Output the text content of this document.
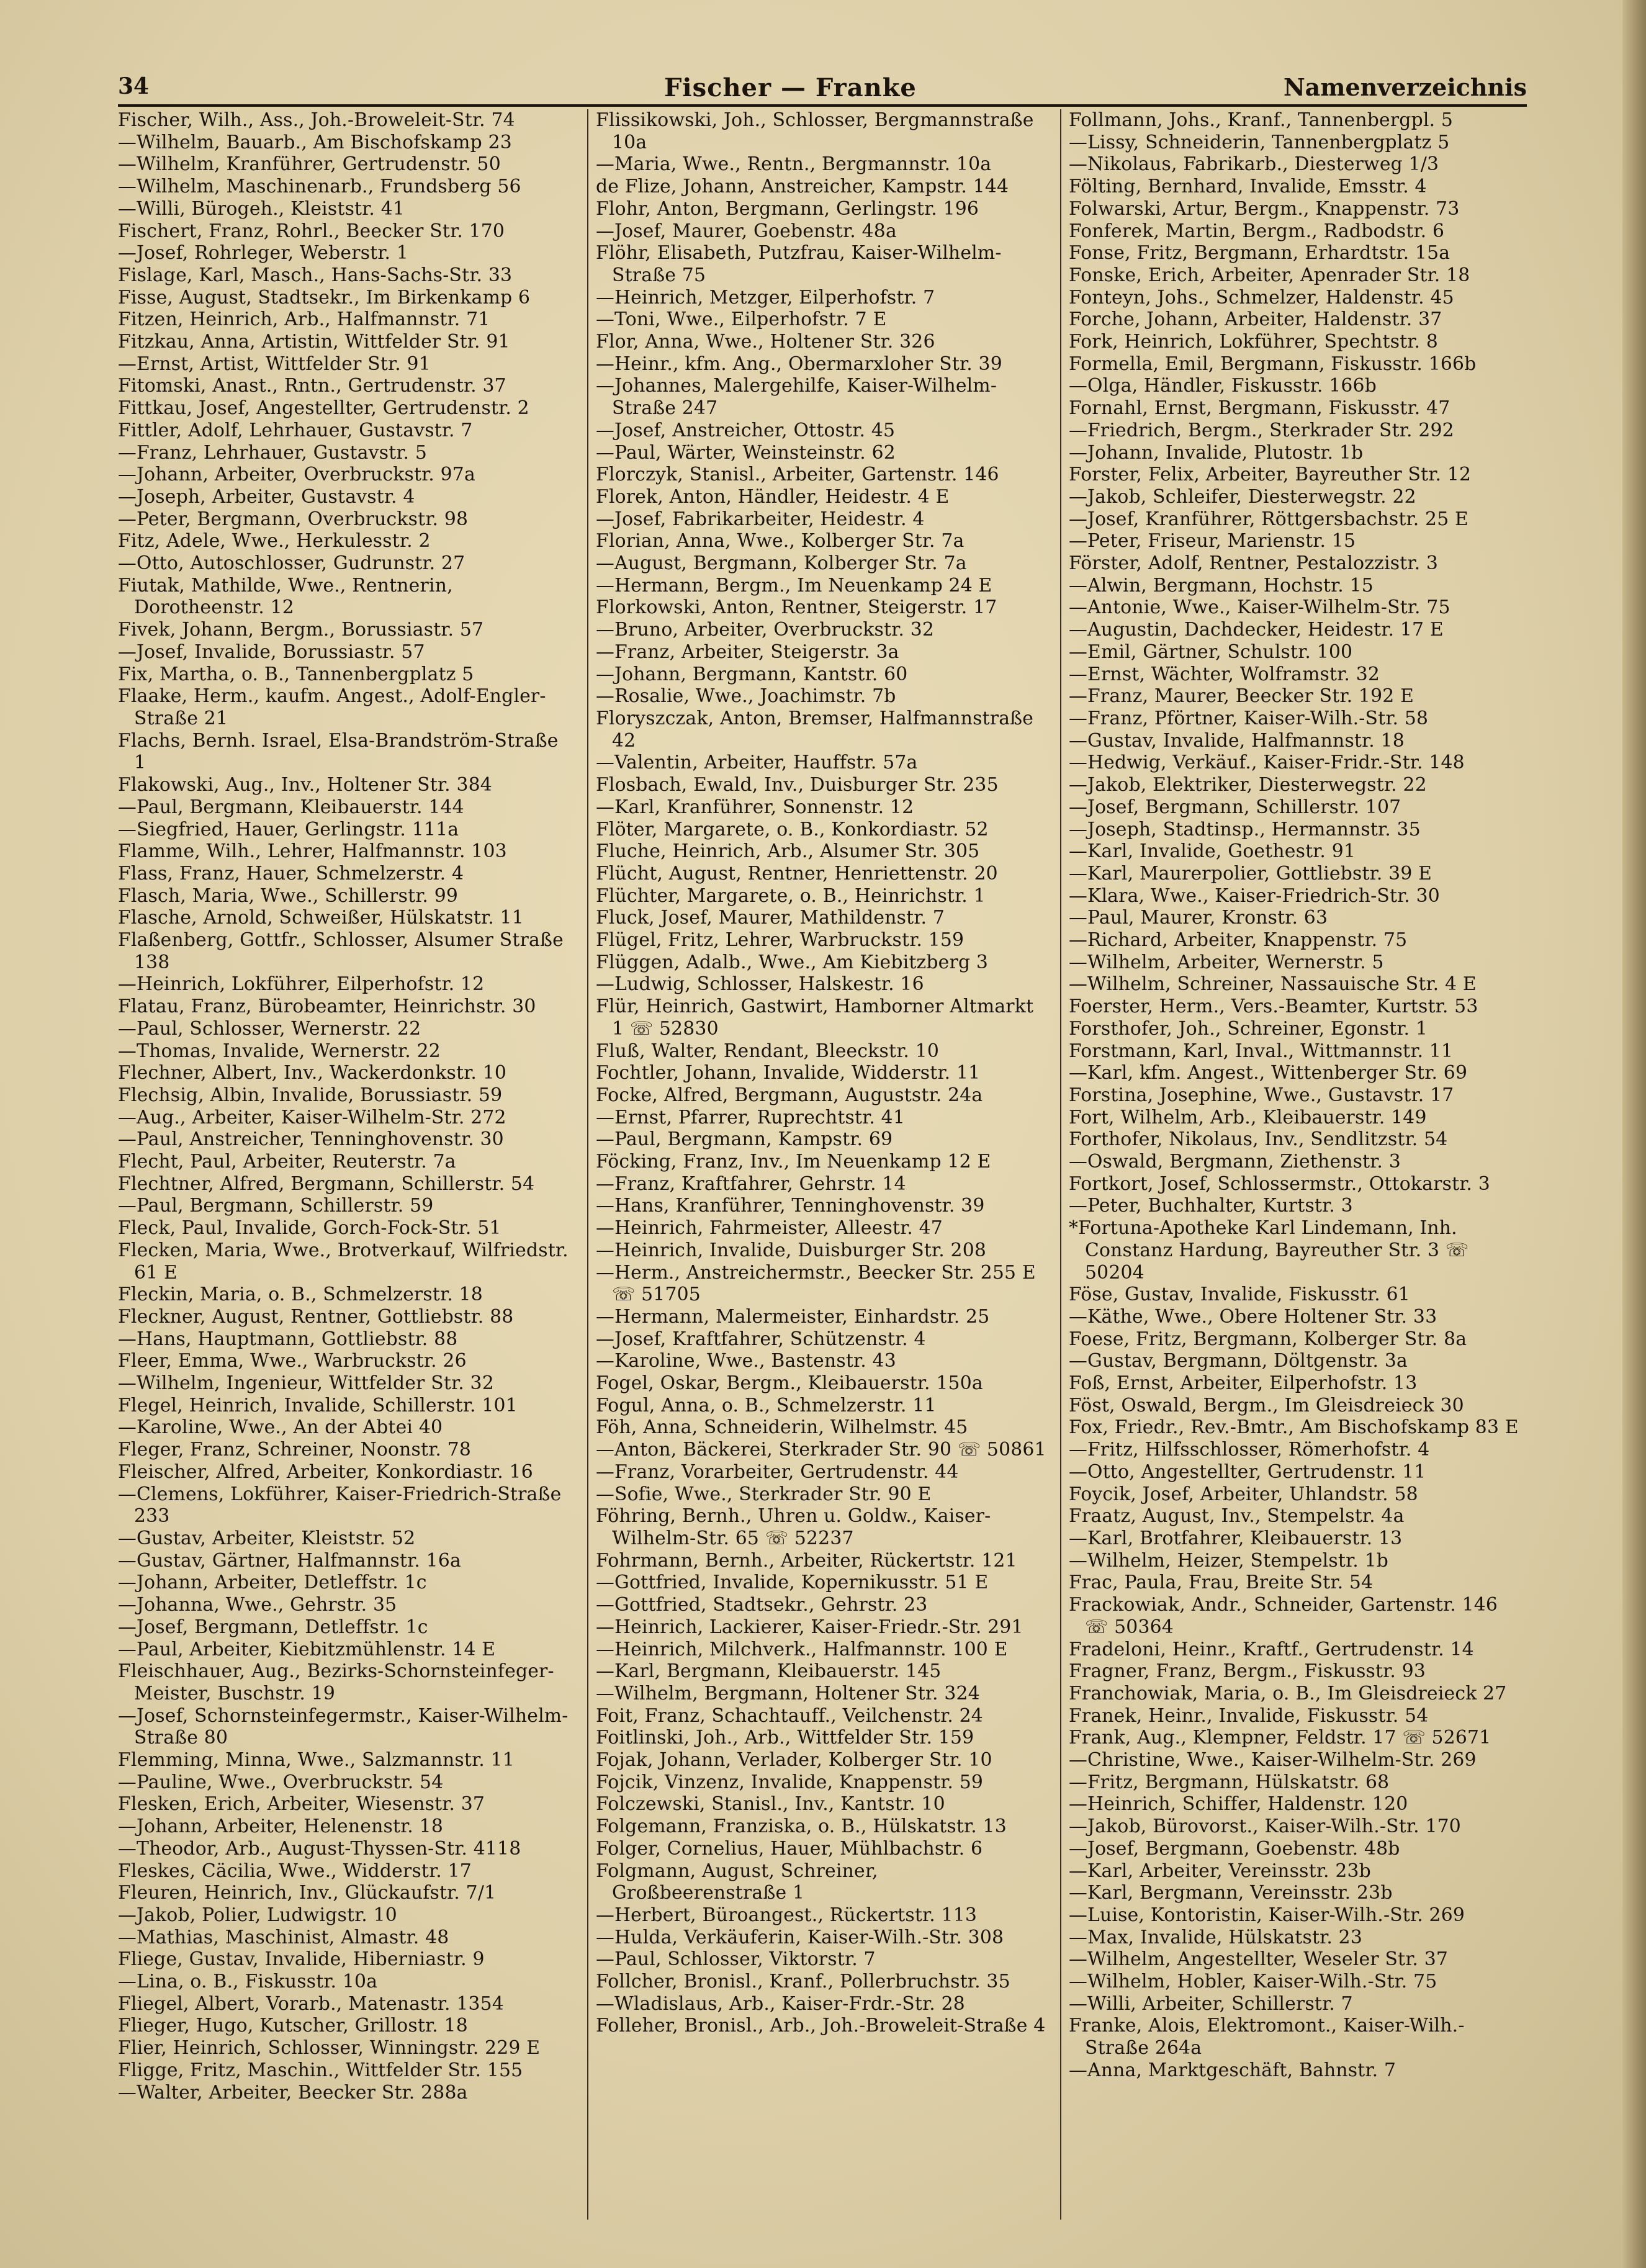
34	Fischer — Franke	Namenverzeichnis
Fischer, Wilh., Ass., Joh.-Broweleit-Str. 74
—Wilhelm, Bauarb., Am Bischofskamp 23
—Wilhelm, Kranführer, Gertrudenstr. 50
—Wilhelm, Maschinenarb., Frundsberg 56
—Willi, Bürogeh., Kleiststr. 41
Fischert, Franz, Rohrl., Beecker Str. 170
—Josef, Rohrleger, Weberstr. 1
Fislage, Karl, Masch., Hans-Sachs-Str. 33
Fisse, August, Stadtsekr., Im Birkenkamp 6
Fitzen, Heinrich, Arb., Halfmannstr. 71
Fitzkau, Anna, Artistin, Wittfelder Str. 91
—Ernst, Artist, Wittfelder Str. 91
Fitomski, Anast., Rntn., Gertrudenstr. 37
Fittkau, Josef, Angestellter, Gertrudenstr. 2
Fittler, Adolf, Lehrhauer, Gustavstr. 7
—Franz, Lehrhauer, Gustavstr. 5
—Johann, Arbeiter, Overbruckstr. 97a
—Joseph, Arbeiter, Gustavstr. 4
—Peter, Bergmann, Overbruckstr. 98
Fitz, Adele, Wwe., Herkulesstr. 2
—Otto, Autoschlosser, Gudrunstr. 27
Fiutak, Mathilde, Wwe., Rentnerin, Dorotheenstr. 12
Fivek, Johann, Bergm., Borussiastr. 57
—Josef, Invalide, Borussiastr. 57
Fix, Martha, o. B., Tannenbergplatz 5
Flaake, Herm., kaufm. Angest., Adolf-Engler-Straße 21
Flachs, Bernh. Israel, Elsa-Brandström-Straße 1
Flakowski, Aug., Inv., Holtener Str. 384
—Paul, Bergmann, Kleibauerstr. 144
—Siegfried, Hauer, Gerlingstr. 111a
Flamme, Wilh., Lehrer, Halfmannstr. 103
Flass, Franz, Hauer, Schmelzerstr. 4
Flasch, Maria, Wwe., Schillerstr. 99
Flasche, Arnold, Schweißer, Hülskatstr. 11
Flaßenberg, Gottfr., Schlosser, Alsumer Straße 138
—Heinrich, Lokführer, Eilperhofstr. 12
Flatau, Franz, Bürobeamter, Heinrichstr. 30
—Paul, Schlosser, Wernerstr. 22
—Thomas, Invalide, Wernerstr. 22
Flechner, Albert, Inv., Wackerdonkstr. 10
Flechsig, Albin, Invalide, Borussiastr. 59
—Aug., Arbeiter, Kaiser-Wilhelm-Str. 272
—Paul, Anstreicher, Tenninghovenstr. 30
Flecht, Paul, Arbeiter, Reuterstr. 7a
Flechtner, Alfred, Bergmann, Schillerstr. 54
—Paul, Bergmann, Schillerstr. 59
Fleck, Paul, Invalide, Gorch-Fock-Str. 51
Flecken, Maria, Wwe., Brotverkauf, Wilfriedstr. 61 E
Fleckin, Maria, o. B., Schmelzerstr. 18
Fleckner, August, Rentner, Gottliebstr. 88
—Hans, Hauptmann, Gottliebstr. 88
Fleer, Emma, Wwe., Warbruckstr. 26
—Wilhelm, Ingenieur, Wittfelder Str. 32
Flegel, Heinrich, Invalide, Schillerstr. 101
—Karoline, Wwe., An der Abtei 40
Fleger, Franz, Schreiner, Noonstr. 78
Fleischer, Alfred, Arbeiter, Konkordiastr. 16
—Clemens, Lokführer, Kaiser-Friedrich-Straße 233
—Gustav, Arbeiter, Kleiststr. 52
—Gustav, Gärtner, Halfmannstr. 16a
—Johann, Arbeiter, Detleffstr. 1c
—Johanna, Wwe., Gehrstr. 35
—Josef, Bergmann, Detleffstr. 1c
—Paul, Arbeiter, Kiebitzmühlenstr. 14 E
Fleischhauer, Aug., Bezirks-Schornsteinfeger-Meister, Buschstr. 19
—Josef, Schornsteinfegermstr., Kaiser-Wilhelm-Straße 80
Flemming, Minna, Wwe., Salzmannstr. 11
—Pauline, Wwe., Overbruckstr. 54
Flesken, Erich, Arbeiter, Wiesenstr. 37
—Johann, Arbeiter, Helenenstr. 18
—Theodor, Arb., August-Thyssen-Str. 4118
Fleskes, Cäcilia, Wwe., Widderstr. 17
Fleuren, Heinrich, Inv., Glückaufstr. 7/1
—Jakob, Polier, Ludwigstr. 10
—Mathias, Maschinist, Almastr. 48
Fliege, Gustav, Invalide, Hiberniastr. 9
—Lina, o. B., Fiskusstr. 10a
Fliegel, Albert, Vorarb., Matenastr. 1354
Flieger, Hugo, Kutscher, Grillostr. 18
Flier, Heinrich, Schlosser, Winningstr. 229 E
Fligge, Fritz, Maschin., Wittfelder Str. 155
—Walter, Arbeiter, Beecker Str. 288a
Flissikowski, Joh., Schlosser, Bergmannstraße 10a
—Maria, Wwe., Rentn., Bergmannstr. 10a
de Flize, Johann, Anstreicher, Kampstr. 144
Flohr, Anton, Bergmann, Gerlingstr. 196
—Josef, Maurer, Goebenstr. 48a
Flöhr, Elisabeth, Putzfrau, Kaiser-Wilhelm-Straße 75
—Heinrich, Metzger, Eilperhofstr. 7
—Toni, Wwe., Eilperhofstr. 7 E
Flor, Anna, Wwe., Holtener Str. 326
—Heinr., kfm. Ang., Obermarxloher Str. 39
—Johannes, Malergehilfe, Kaiser-Wilhelm-Straße 247
—Josef, Anstreicher, Ottostr. 45
—Paul, Wärter, Weinsteinstr. 62
Florczyk, Stanisl., Arbeiter, Gartenstr. 146
Florek, Anton, Händler, Heidestr. 4 E
—Josef, Fabrikarbeiter, Heidestr. 4
Florian, Anna, Wwe., Kolberger Str. 7a
—August, Bergmann, Kolberger Str. 7a
—Hermann, Bergm., Im Neuenkamp 24 E
Florkowski, Anton, Rentner, Steigerstr. 17
—Bruno, Arbeiter, Overbruckstr. 32
—Franz, Arbeiter, Steigerstr. 3a
—Johann, Bergmann, Kantstr. 60
—Rosalie, Wwe., Joachimstr. 7b
Floryszczak, Anton, Bremser, Halfmannstraße 42
—Valentin, Arbeiter, Hauffstr. 57a
Flosbach, Ewald, Inv., Duisburger Str. 235
—Karl, Kranführer, Sonnenstr. 12
Flöter, Margarete, o. B., Konkordiastr. 52
Fluche, Heinrich, Arb., Alsumer Str. 305
Flücht, August, Rentner, Henriettenstr. 20
Flüchter, Margarete, o. B., Heinrichstr. 1
Fluck, Josef, Maurer, Mathildenstr. 7
Flügel, Fritz, Lehrer, Warbruckstr. 159
Flüggen, Adalb., Wwe., Am Kiebitzberg 3
—Ludwig, Schlosser, Halskestr. 16
Flür, Heinrich, Gastwirt, Hamborner Altmarkt 1 ☏ 52830
Fluß, Walter, Rendant, Bleeckstr. 10
Fochtler, Johann, Invalide, Widderstr. 11
Focke, Alfred, Bergmann, Auguststr. 24a
—Ernst, Pfarrer, Ruprechtstr. 41
—Paul, Bergmann, Kampstr. 69
Föcking, Franz, Inv., Im Neuenkamp 12 E
—Franz, Kraftfahrer, Gehrstr. 14
—Hans, Kranführer, Tenninghovenstr. 39
—Heinrich, Fahrmeister, Alleestr. 47
—Heinrich, Invalide, Duisburger Str. 208
—Herm., Anstreichermstr., Beecker Str. 255 E ☏ 51705
—Hermann, Malermeister, Einhardstr. 25
—Josef, Kraftfahrer, Schützenstr. 4
—Karoline, Wwe., Bastenstr. 43
Fogel, Oskar, Bergm., Kleibauerstr. 150a
Fogul, Anna, o. B., Schmelzerstr. 11
Föh, Anna, Schneiderin, Wilhelmstr. 45
—Anton, Bäckerei, Sterkrader Str. 90 ☏ 50861
—Franz, Vorarbeiter, Gertrudenstr. 44
—Sofie, Wwe., Sterkrader Str. 90 E
Föhring, Bernh., Uhren u. Goldw., Kaiser-Wilhelm-Str. 65 ☏ 52237
Fohrmann, Bernh., Arbeiter, Rückertstr. 121
—Gottfried, Invalide, Kopernikusstr. 51 E
—Gottfried, Stadtsekr., Gehrstr. 23
—Heinrich, Lackierer, Kaiser-Friedr.-Str. 291
—Heinrich, Milchverk., Halfmannstr. 100 E
—Karl, Bergmann, Kleibauerstr. 145
—Wilhelm, Bergmann, Holtener Str. 324
Foit, Franz, Schachtauff., Veilchenstr. 24
Foitlinski, Joh., Arb., Wittfelder Str. 159
Fojak, Johann, Verlader, Kolberger Str. 10
Fojcik, Vinzenz, Invalide, Knappenstr. 59
Folczewski, Stanisl., Inv., Kantstr. 10
Folgemann, Franziska, o. B., Hülskatstr. 13
Folger, Cornelius, Hauer, Mühlbachstr. 6
Folgmann, August, Schreiner, Großbeerenstraße 1
—Herbert, Büroangest., Rückertstr. 113
—Hulda, Verkäuferin, Kaiser-Wilh.-Str. 308
—Paul, Schlosser, Viktorstr. 7
Follcher, Bronisl., Kranf., Pollerbruchstr. 35
—Wladislaus, Arb., Kaiser-Frdr.-Str. 28
Folleher, Bronisl., Arb., Joh.-Broweleit-Straße 4
Follmann, Johs., Kranf., Tannenbergpl. 5
—Lissy, Schneiderin, Tannenbergplatz 5
—Nikolaus, Fabrikarb., Diesterweg 1/3
Fölting, Bernhard, Invalide, Emsstr. 4
Folwarski, Artur, Bergm., Knappenstr. 73
Fonferek, Martin, Bergm., Radbodstr. 6
Fonse, Fritz, Bergmann, Erhardtstr. 15a
Fonske, Erich, Arbeiter, Apenrader Str. 18
Fonteyn, Johs., Schmelzer, Haldenstr. 45
Forche, Johann, Arbeiter, Haldenstr. 37
Fork, Heinrich, Lokführer, Spechtstr. 8
Formella, Emil, Bergmann, Fiskusstr. 166b
—Olga, Händler, Fiskusstr. 166b
Fornahl, Ernst, Bergmann, Fiskusstr. 47
—Friedrich, Bergm., Sterkrader Str. 292
—Johann, Invalide, Plutostr. 1b
Forster, Felix, Arbeiter, Bayreuther Str. 12
—Jakob, Schleifer, Diesterwegstr. 22
—Josef, Kranführer, Röttgersbachstr. 25 E
—Peter, Friseur, Marienstr. 15
Förster, Adolf, Rentner, Pestalozzistr. 3
—Alwin, Bergmann, Hochstr. 15
—Antonie, Wwe., Kaiser-Wilhelm-Str. 75
—Augustin, Dachdecker, Heidestr. 17 E
—Emil, Gärtner, Schulstr. 100
—Ernst, Wächter, Wolframstr. 32
—Franz, Maurer, Beecker Str. 192 E
—Franz, Pförtner, Kaiser-Wilh.-Str. 58
—Gustav, Invalide, Halfmannstr. 18
—Hedwig, Verkäuf., Kaiser-Fridr.-Str. 148
—Jakob, Elektriker, Diesterwegstr. 22
—Josef, Bergmann, Schillerstr. 107
—Joseph, Stadtinsp., Hermannstr. 35
—Karl, Invalide, Goethestr. 91
—Karl, Maurerpolier, Gottliebstr. 39 E
—Klara, Wwe., Kaiser-Friedrich-Str. 30
—Paul, Maurer, Kronstr. 63
—Richard, Arbeiter, Knappenstr. 75
—Wilhelm, Arbeiter, Wernerstr. 5
—Wilhelm, Schreiner, Nassauische Str. 4 E
Foerster, Herm., Vers.-Beamter, Kurtstr. 53
Forsthofer, Joh., Schreiner, Egonstr. 1
Forstmann, Karl, Inval., Wittmannstr. 11
—Karl, kfm. Angest., Wittenberger Str. 69
Forstina, Josephine, Wwe., Gustavstr. 17
Fort, Wilhelm, Arb., Kleibauerstr. 149
Forthofer, Nikolaus, Inv., Sendlitzstr. 54
—Oswald, Bergmann, Ziethenstr. 3
Fortkort, Josef, Schlossermstr., Ottokarstr. 3
—Peter, Buchhalter, Kurtstr. 3
*Fortuna-Apotheke Karl Lindemann, Inh. Constanz Hardung, Bayreuther Str. 3 ☏ 50204
Föse, Gustav, Invalide, Fiskusstr. 61
—Käthe, Wwe., Obere Holtener Str. 33
Foese, Fritz, Bergmann, Kolberger Str. 8a
—Gustav, Bergmann, Döltgenstr. 3a
Foß, Ernst, Arbeiter, Eilperhofstr. 13
Föst, Oswald, Bergm., Im Gleisdreieck 30
Fox, Friedr., Rev.-Bmtr., Am Bischofskamp 83 E
—Fritz, Hilfsschlosser, Römerhofstr. 4
—Otto, Angestellter, Gertrudenstr. 11
Foycik, Josef, Arbeiter, Uhlandstr. 58
Fraatz, August, Inv., Stempelstr. 4a
—Karl, Brotfahrer, Kleibauerstr. 13
—Wilhelm, Heizer, Stempelstr. 1b
Frac, Paula, Frau, Breite Str. 54
Frackowiak, Andr., Schneider, Gartenstr. 146 ☏ 50364
Fradeloni, Heinr., Kraftf., Gertrudenstr. 14
Fragner, Franz, Bergm., Fiskusstr. 93
Franchowiak, Maria, o. B., Im Gleisdreieck 27
Franek, Heinr., Invalide, Fiskusstr. 54
Frank, Aug., Klempner, Feldstr. 17 ☏ 52671
—Christine, Wwe., Kaiser-Wilhelm-Str. 269
—Fritz, Bergmann, Hülskatstr. 68
—Heinrich, Schiffer, Haldenstr. 120
—Jakob, Bürovorst., Kaiser-Wilh.-Str. 170
—Josef, Bergmann, Goebenstr. 48b
—Karl, Arbeiter, Vereinsstr. 23b
—Karl, Bergmann, Vereinsstr. 23b
—Luise, Kontoristin, Kaiser-Wilh.-Str. 269
—Max, Invalide, Hülskatstr. 23
—Wilhelm, Angestellter, Weseler Str. 37
—Wilhelm, Hobler, Kaiser-Wilh.-Str. 75
—Willi, Arbeiter, Schillerstr. 7
Franke, Alois, Elektromont., Kaiser-Wilh.-Straße 264a
—Anna, Marktgeschäft, Bahnstr. 7
